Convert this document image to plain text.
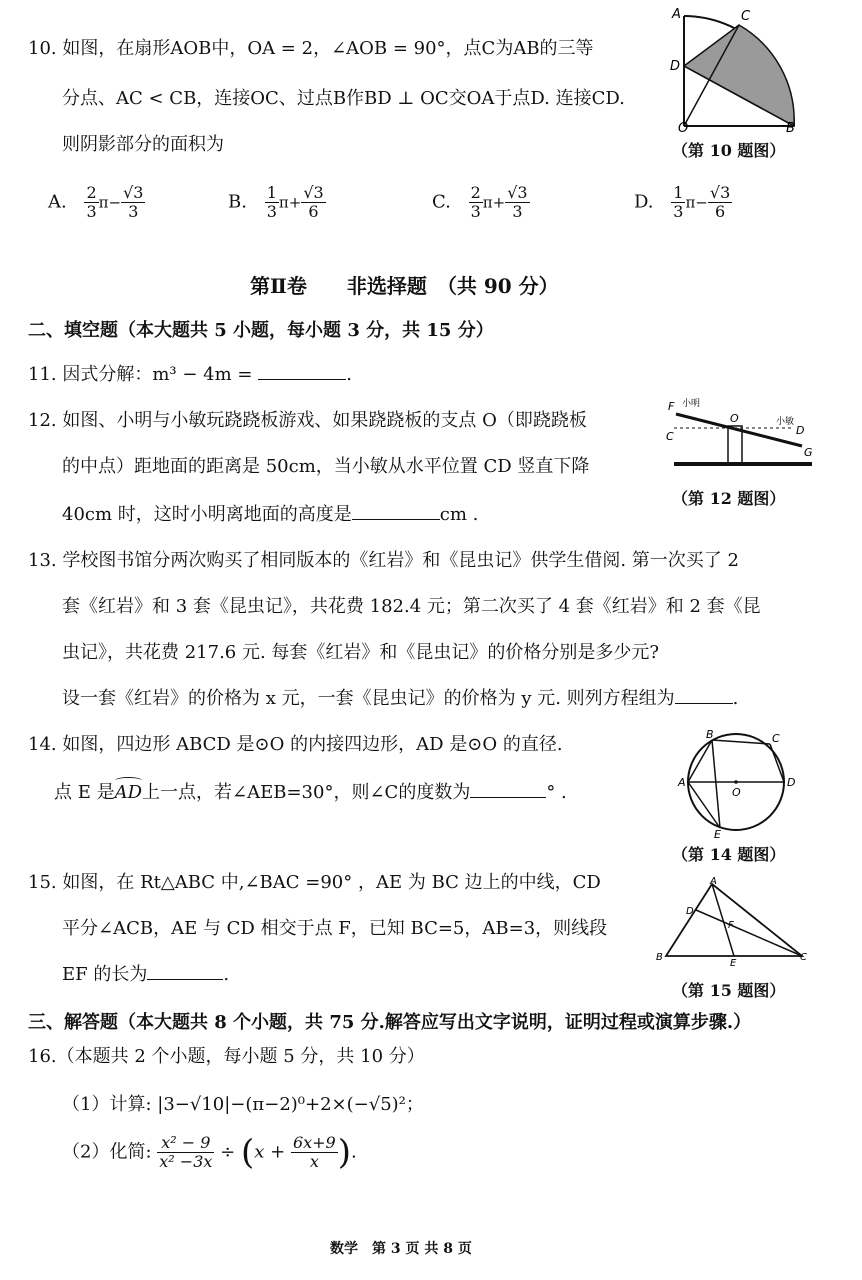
10. 如图，在扇形AOB中，OA = 2，∠AOB = 90°，点C为AB的三等
分点、AC < CB，连接OC、过点B作BD ⊥ OC交OA于点D. 连接CD.
则阴影部分的面积为
A	C
D
O	B
（第 10 题图）
A. $\frac{2}{3} \pi- \frac{√3}{3}$	B. $\frac{1}{3} \pi+ \frac{√3}{6}$	C. $\frac{2}{3} \pi+ \frac{√3}{3}$	D. $\frac{1}{3} \pi- \frac{√3}{6}$
第Ⅱ卷　　非选择题　（共 90 分）
二、填空题（本大题共 5 小题，每小题 3 分，共 15 分）
11. 因式分解：m³ − 4m =	.
12. 如图、小明与小敏玩跷跷板游戏、如果跷跷板的支点 O（即跷跷板
的中点）距地面的距离是 50cm，当小敏从水平位置 CD 竖直下降
40cm 时，这时小明离地面的高度是	cm .
F 小明
O	小敏
C	D
G
（第 12 题图）
13. 学校图书馆分两次购买了相同版本的《红岩》和《昆虫记》供学生借阅. 第一次买了 2
套《红岩》和 3 套《昆虫记》，共花费 182.4 元；第二次买了 4 套《红岩》和 2 套《昆
虫记》，共花费 217.6 元. 每套《红岩》和《昆虫记》的价格分别是多少元?
设一套《红岩》的价格为 x 元，一套《昆虫记》的价格为 y 元. 则列方程组为	.
14. 如图，四边形 ABCD 是⊙O 的内接四边形，AD 是⊙O 的直径.
点 E 是AD上一点，若∠AEB=30°，则∠C的度数为	° .	A
B	C
D
O
E
（第 14 题图）
15. 如图，在 Rt△ABC 中,∠BAC =90° ，AE 为 BC 边上的中线，CD
平分∠ACB，AE 与 CD 相交于点 F，已知 BC=5，AB=3，则线段
EF 的长为	.
A
B	C
D
E
F
（第 15 题图）
三、解答题（本大题共 8 个小题，共 75 分.解答应写出文字说明，证明过程或演算步骤.）
16.（本题共 2 个小题，每小题 5 分，共 10 分）
（1）计算: |3−√10|−(π−2)⁰+2×(−√5)²；
（2）化简: $\frac{\text{x² − 9}}{\text{x² −3x}} \div (x + \frac{6x+9}{x}$ ).
数学　第 3 页 共 8 页
